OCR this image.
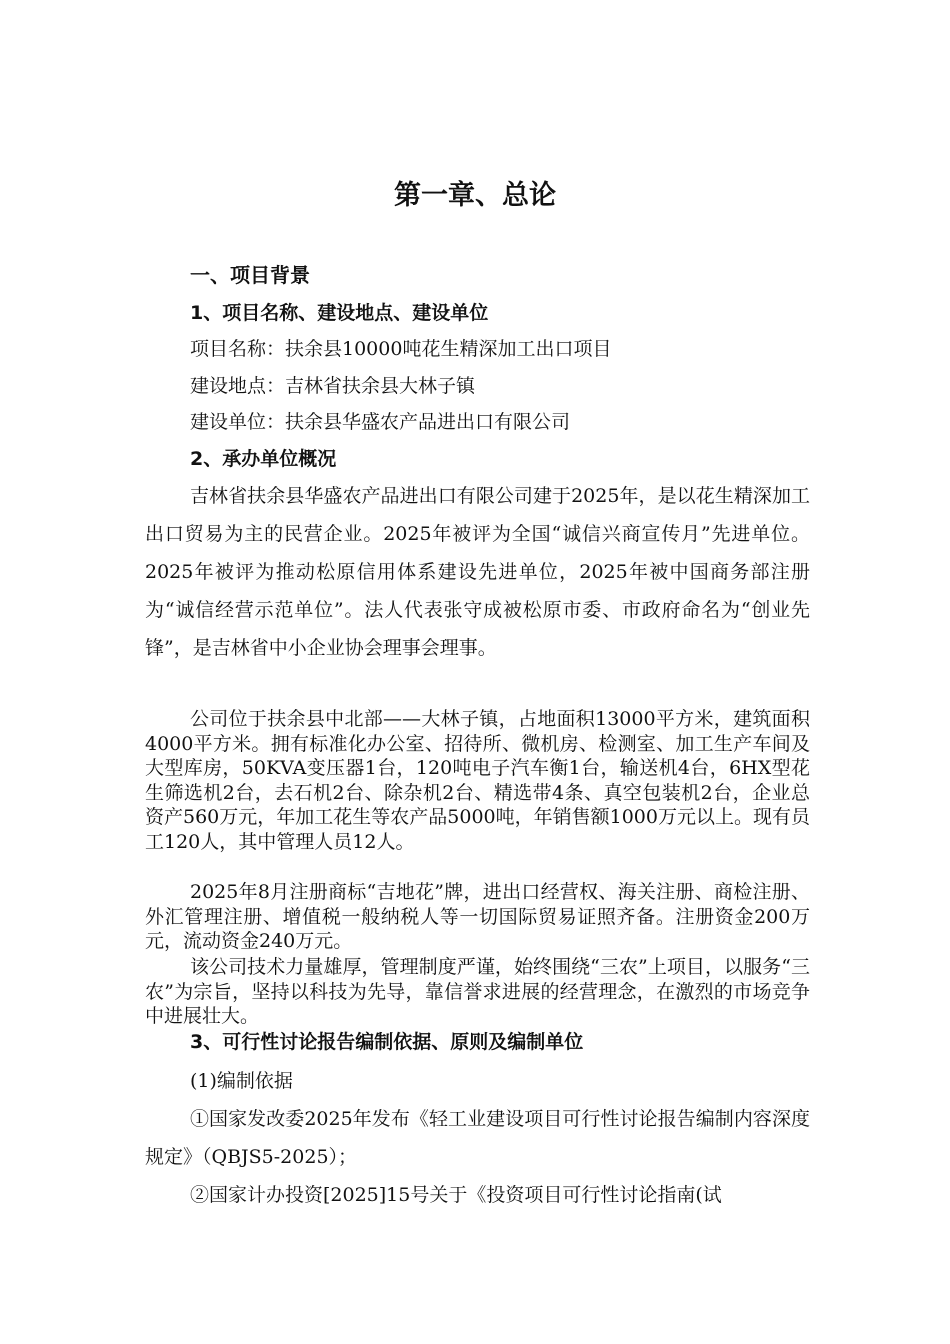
第一章、总论
一、项目背景
1、项目名称、建设地点、建设单位

项目名称：扶余县10000吨花生精深加工出口项目

建设地点：吉林省扶余县大林子镇

建设单位：扶余县华盛农产品进出口有限公司

2、承办单位概况

吉林省扶余县华盛农产品进出口有限公司建于2025年，是以花生精深加工出口贸易为主的民营企业。2025年被评为全国“诚信兴商宣传月”先进单位。2025年被评为推动松原信用体系建设先进单位，2025年被中国商务部注册为“诚信经营示范单位”。法人代表张守成被松原市委、市政府命名为“创业先锋”，是吉林省中小企业协会理事会理事。

公司位于扶余县中北部——大林子镇，占地面积13000平方米，建筑面积4000平方米。拥有标准化办公室、招待所、微机房、检测室、加工生产车间及大型库房，50KVA变压器1台，120吨电子汽车衡1台，输送机4台，6HX型花生筛选机2台，去石机2台、除杂机2台、精选带4条、真空包装机2台，企业总资产560万元，年加工花生等农产品5000吨，年销售额1000万元以上。现有员工120人，其中管理人员12人。

2025年8月注册商标“吉地花”牌，进出口经营权、海关注册、商检注册、外汇管理注册、增值税一般纳税人等一切国际贸易证照齐备。注册资金200万元，流动资金240万元。

该公司技术力量雄厚，管理制度严谨，始终围绕“三农”上项目，以服务“三农”为宗旨，坚持以科技为先导，靠信誉求进展的经营理念，在激烈的市场竞争中进展壮大。

3、可行性讨论报告编制依据、原则及编制单位

(1)编制依据

①国家发改委2025年发布《轻工业建设项目可行性讨论报告编制内容深度规定》（QBJS5-2025）；

②国家计办投资[2025]15号关于《投资项目可行性讨论指南(试
